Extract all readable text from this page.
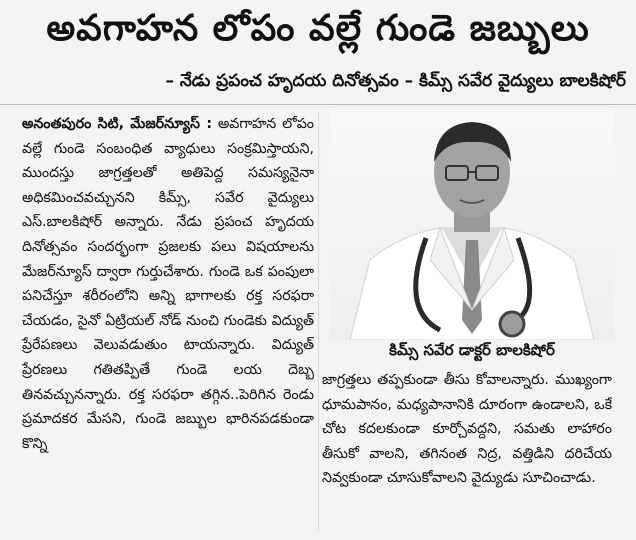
అవగాహన లోపం వల్లే గుండె జబ్బులు
– నేడు ప్రపంచ హృదయ దినోత్సవం – కిమ్స్ సవేర వైద్యులు బాలకిషోర్
అనంతపురం సిటి, మేజర్‌న్యూస్ : అవగాహన లోపం వల్లే గుండె సంబంధిత వ్యాధులు సంక్రమిస్తాయని, ముందస్తు జాగ్రత్తలతో అతిపెద్ద సమస్యనైనా అధికమించవచ్చునని కిమ్స్, సవేర వైద్యులు ఎస్.బాలకిషోర్ అన్నారు. నేడు ప్రపంచ హృదయ దినోత్సవం సందర్భంగా ప్రజలకు పలు విషయాలను మేజర్‌న్యూస్ ద్వారా గుర్తుచేశారు. గుండె ఒక పంపులా పనిచేస్తూ శరీరంలోని అన్ని భాగాలకు రక్త సరఫరా చేయడం, సైనో ఏట్రియల్ నోడ్ నుంచి గుండెకు విద్యుత్ ప్రేరేపణలు వెలువడుతుం టాయన్నారు. విద్యుత్ ప్రేరణలు గతితప్పితే గుండె లయ దెబ్బ తినవచ్చునన్నారు. రక్త సరఫరా తగ్గిన..పెరిగిన రెండు ప్రమాదకర మేసని, గుండె జబ్బుల భారినపడకుండా కొన్ని
కిమ్స్ సవేర డాక్టర్ బాలకిషోర్
జాగ్రత్తలు తప్పకుండా తీసు కోవాలన్నారు. ముఖ్యంగా ధూమపానం, మధ్యపానానికి దూరంగా ఉండాలని, ఒకే చోట కదలకుండా కూర్చోవద్దని, సమతు లాహారం తీసుకో వాలని, తగినంత నిద్ర, వత్తిడిని దరిచేయ నివ్వకుండా చూసుకోవాలని వైద్యుడు సూచించాడు.
